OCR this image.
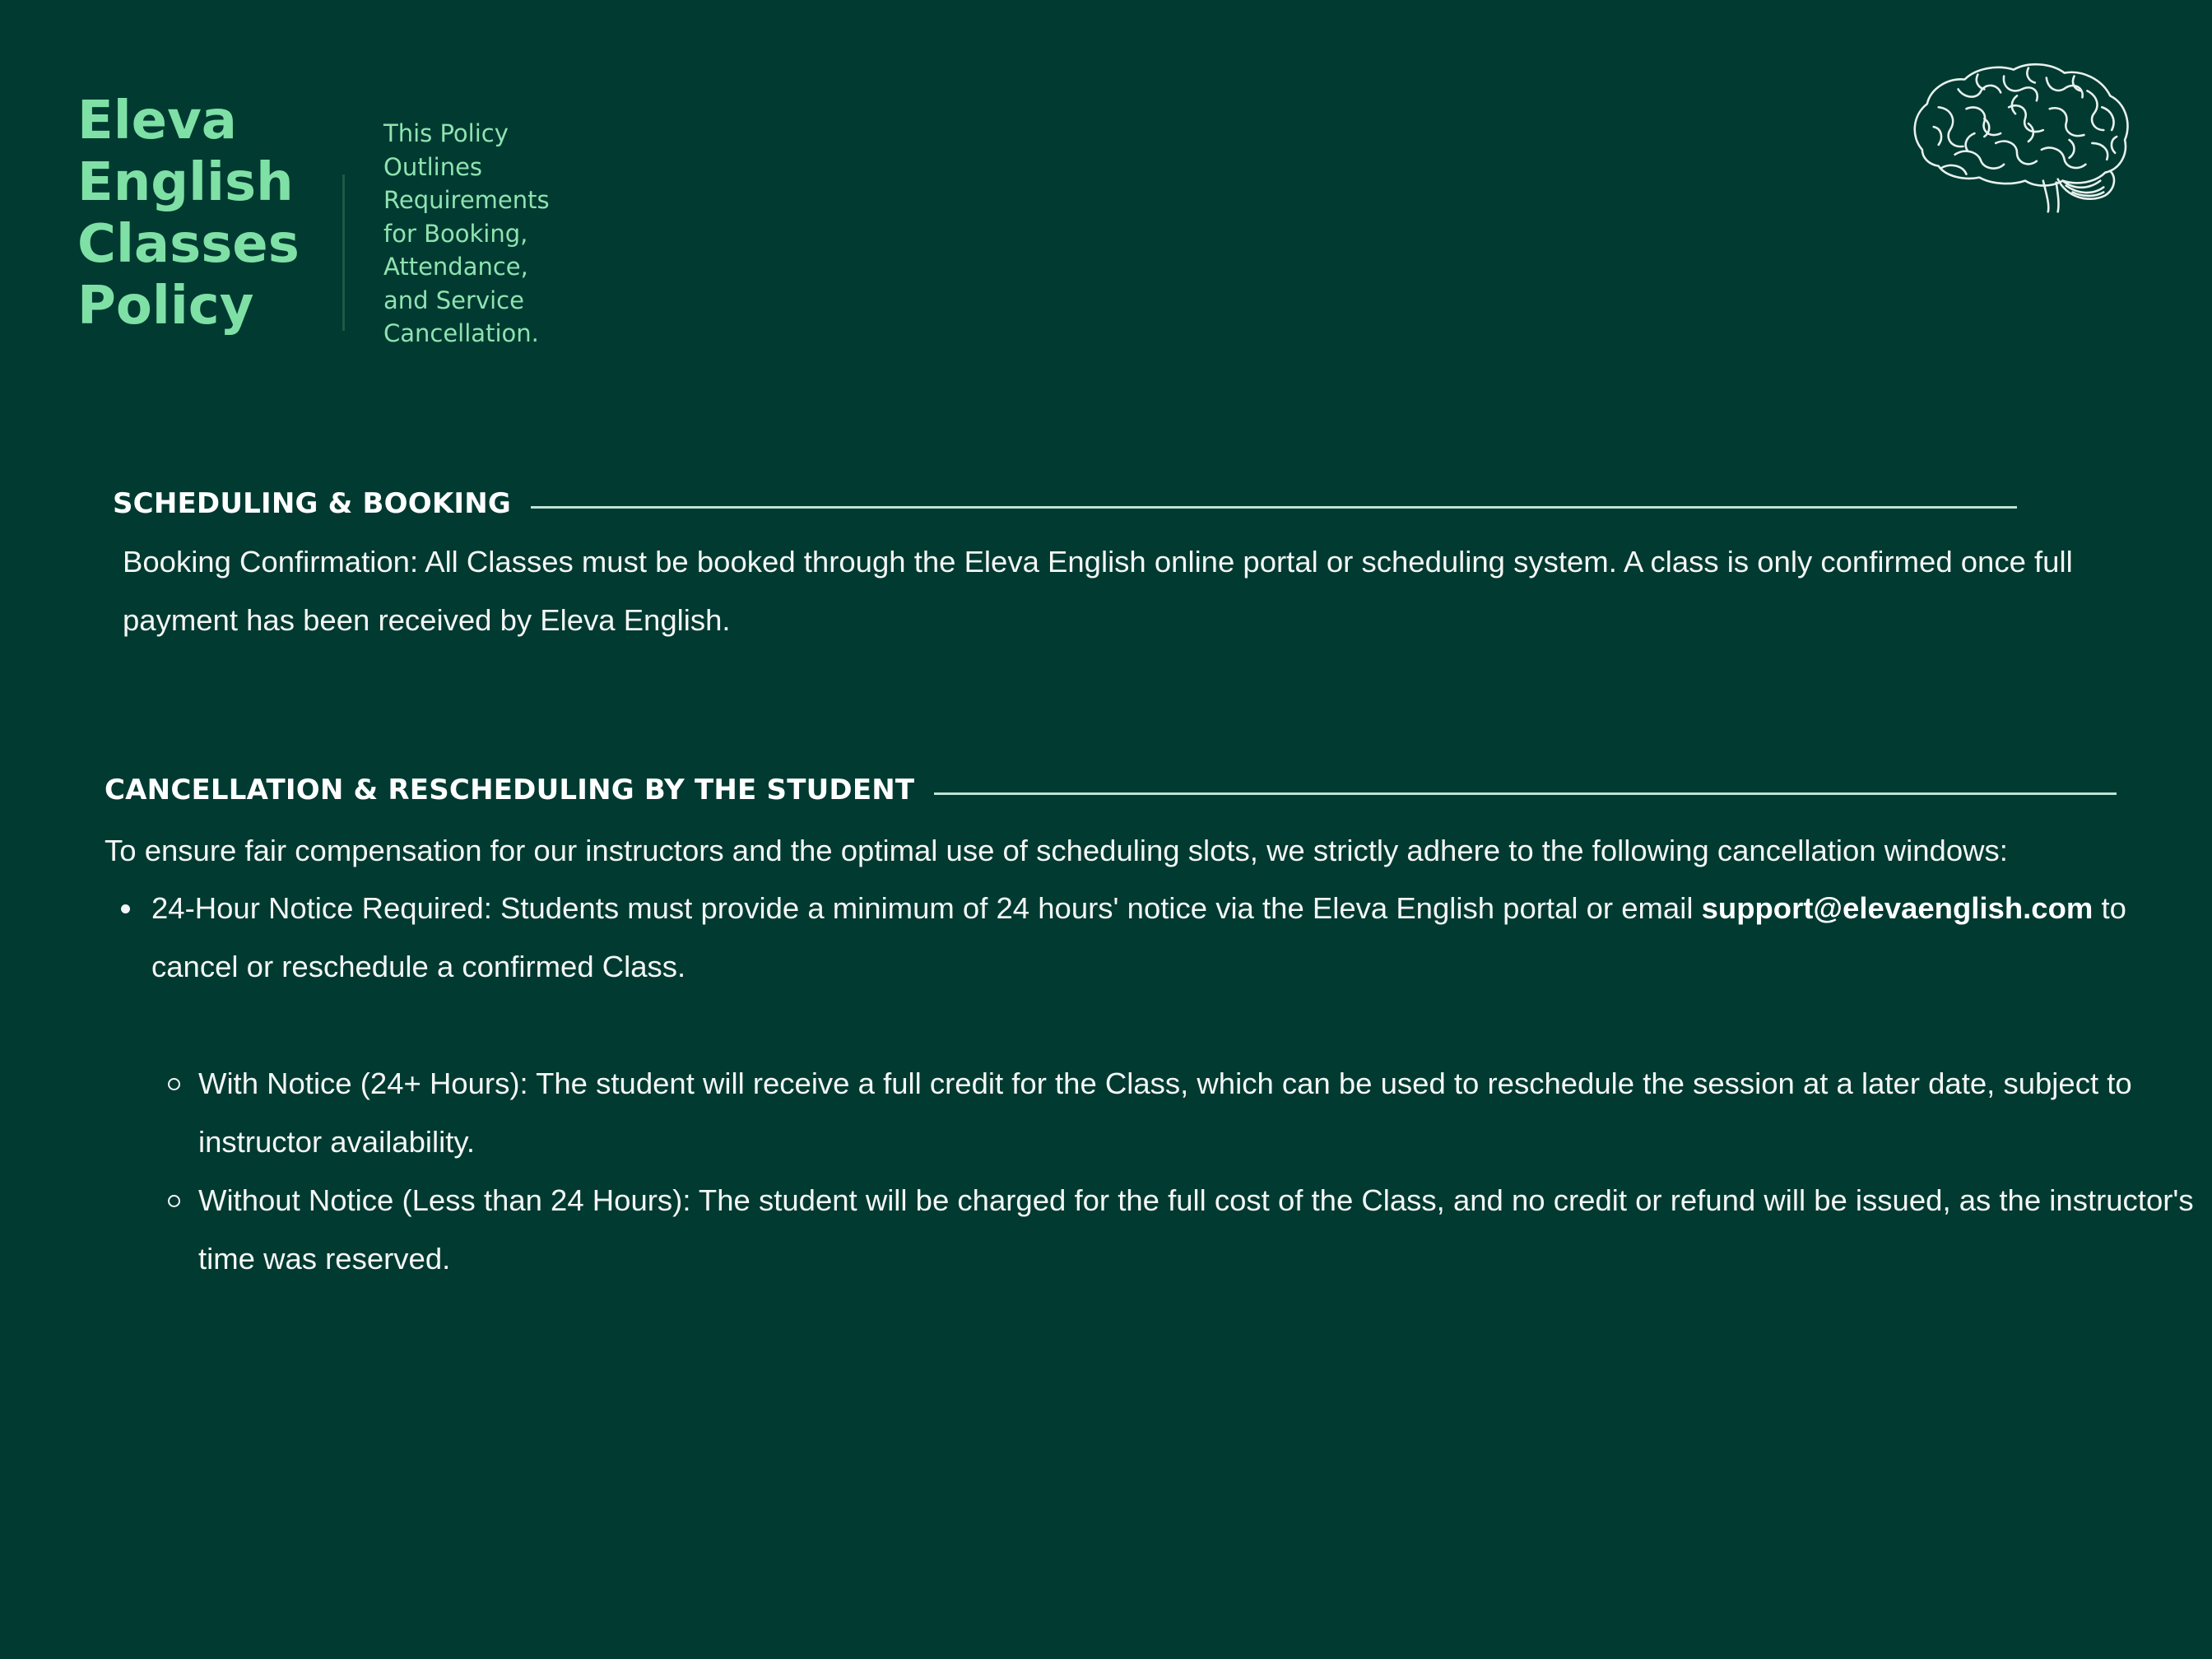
Eleva
English
Classes
Policy

This Policy
Outlines
Requirements
for Booking,
Attendance,
and Service
Cancellation.

SCHEDULING & BOOKING

Booking Confirmation: All Classes must be booked through the Eleva English online portal or scheduling system. A class is only confirmed once full payment has been received by Eleva English.

CANCELLATION & RESCHEDULING BY THE STUDENT

To ensure fair compensation for our instructors and the optimal use of scheduling slots, we strictly adhere to the following cancellation windows:

24-Hour Notice Required: Students must provide a minimum of 24 hours' notice via the Eleva English portal or email support@elevaenglish.com to cancel or reschedule a confirmed Class.
With Notice (24+ Hours): The student will receive a full credit for the Class, which can be used to reschedule the session at a later date, subject to instructor availability.
Without Notice (Less than 24 Hours): The student will be charged for the full cost of the Class, and no credit or refund will be issued, as the instructor's time was reserved.
